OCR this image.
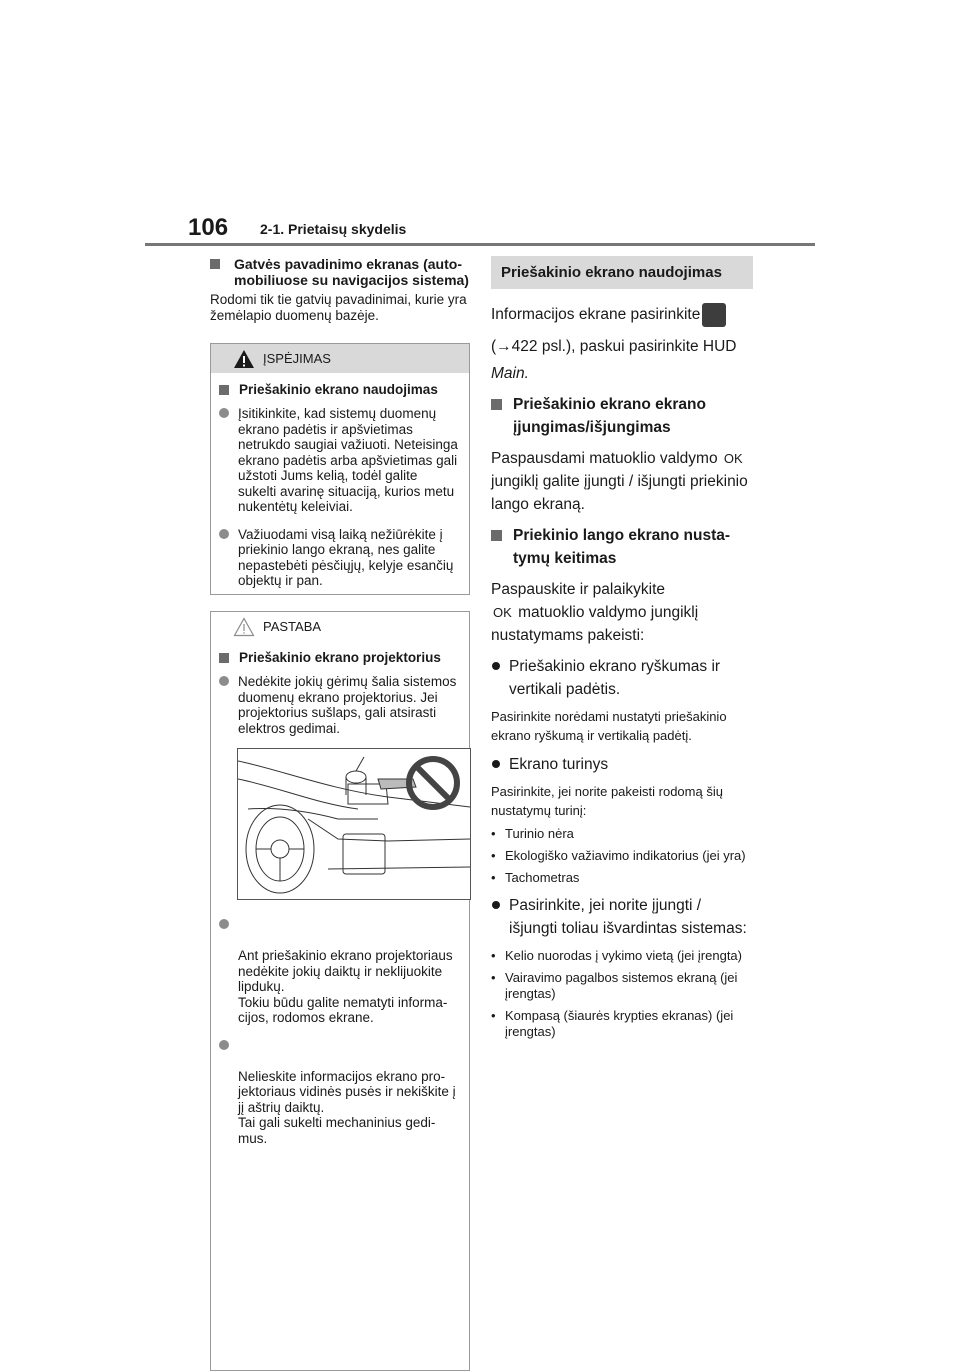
106 2-1. Prietaisų skydelis
Gatvės pavadinimo ekranas (automobiliuose su navigacijos sistema)

Rodomi tik tie gatvių pavadinimai, kurie yra žemėlapio duomenų bazėje.

ĮSPĖJIMAS
Priešakinio ekrano naudojimas
Įsitikinkite, kad sistemų duomenų ekrano padėtis ir apšvietimas netrukdo saugiai važiuoti. Neteisinga ekrano padėtis arba apšvietimas gali užstoti Jums kelią, todėl galite sukelti avarinę situaciją, kurios metu nukentėtų keleiviai.
Važiuodami visą laiką nežiūrėkite į priekinio lango ekraną, nes galite nepastebėti pėsčiųjų, kelyje esančių objektų ir pan.
PASTABA
Priešakinio ekrano projektorius
Nedėkite jokių gėrimų šalia sistemos duomenų ekrano projektorius. Jei projektorius sušlaps, gali atsirasti elektros gedimai.

Ant priešakinio ekrano projektoriaus nedėkite jokių daiktų ir neklijuokite lipdukų.
Tokiu būdu galite nematyti informacijos, rodomos ekrane.

Nelieskite informacijos ekrano projektoriaus vidinės pusės ir nekiškite į jį aštrių daiktų.
Tai gali sukelti mechaninius gedimus.

Priešakinio ekrano naudojimas

Informacijos ekrane pasirinkite

(→422 psl.), paskui pasirinkite HUD

Main.

Priešakinio ekrano ekrano įjungimas/išjungimas

Paspausdami matuoklio valdymo OK jungiklį galite įjungti / išjungti priekinio lango ekraną.

Priekinio lango ekrano nustatymų keitimas

Paspauskite ir palaikykite
OK matuoklio valdymo jungiklį nustatymams pakeisti:

Priešakinio ekrano ryškumas ir vertikali padėtis.

Pasirinkite norėdami nustatyti priešakinio ekrano ryškumą ir vertikalią padėtį.

Ekrano turinys

Pasirinkite, jei norite pakeisti rodomą šių nustatymų turinį:

• Turinio nėra
• Ekologiško važiavimo indikatorius (jei yra)
• Tachometras
Pasirinkite, jei norite įjungti / išjungti toliau išvardintas sistemas:
• Kelio nuorodas į vykimo vietą (jei įrengta)
• Vairavimo pagalbos sistemos ekraną (jei įrengtas)
• Kompasą (šiaurės krypties ekranas) (jei įrengtas)
